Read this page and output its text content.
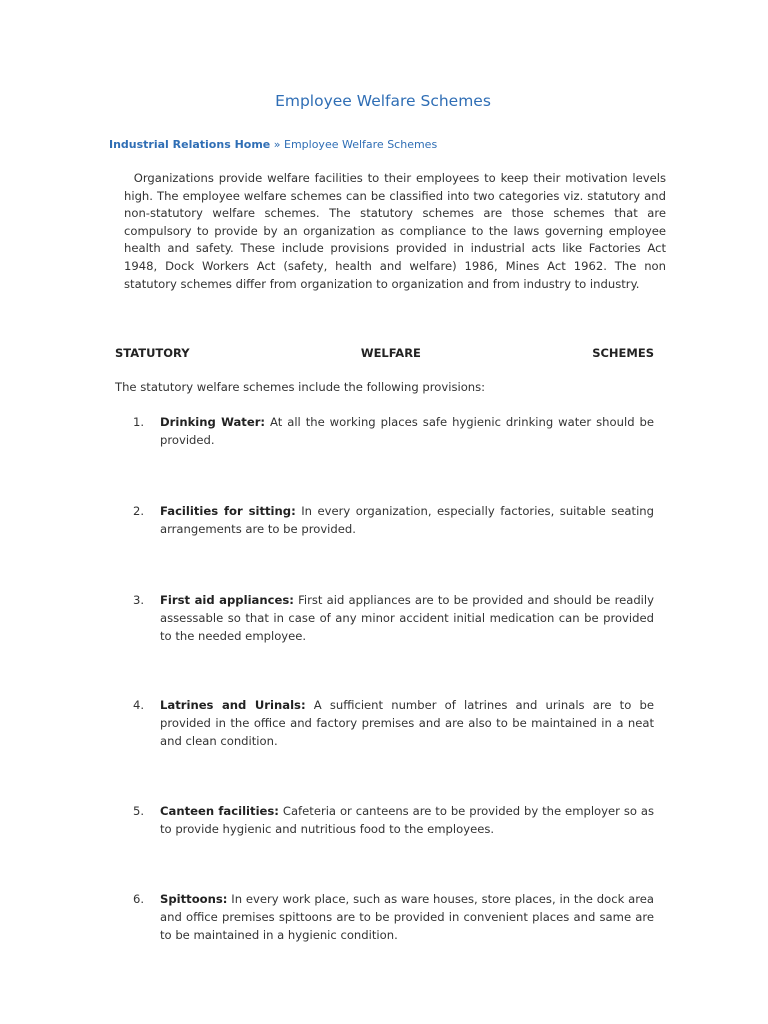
Employee Welfare Schemes
Industrial Relations Home » Employee Welfare Schemes

Organizations provide welfare facilities to their employees to keep their motivation levels high. The employee welfare schemes can be classified into two categories viz. statutory and non-statutory welfare schemes. The statutory schemes are those schemes that are compulsory to provide by an organization as compliance to the laws governing employee health and safety. These include provisions provided in industrial acts like Factories Act 1948, Dock Workers Act (safety, health and welfare) 1986, Mines Act 1962. The non statutory schemes differ from organization to organization and from industry to industry.

STATUTORY	WELFARE	SCHEMES

The statutory welfare schemes include the following provisions:

1.	Drinking Water: At all the working places safe hygienic drinking water should be provided.
2.	Facilities for sitting: In every organization, especially factories, suitable seating arrangements are to be provided.
3.	First aid appliances: First aid appliances are to be provided and should be readily assessable so that in case of any minor accident initial medication can be provided to the needed employee.
4.	Latrines and Urinals: A sufficient number of latrines and urinals are to be provided in the office and factory premises and are also to be maintained in a neat and clean condition.
5.	Canteen facilities: Cafeteria or canteens are to be provided by the employer so as to provide hygienic and nutritious food to the employees.
6.	Spittoons: In every work place, such as ware houses, store places, in the dock area and office premises spittoons are to be provided in convenient places and same are to be maintained in a hygienic condition.
